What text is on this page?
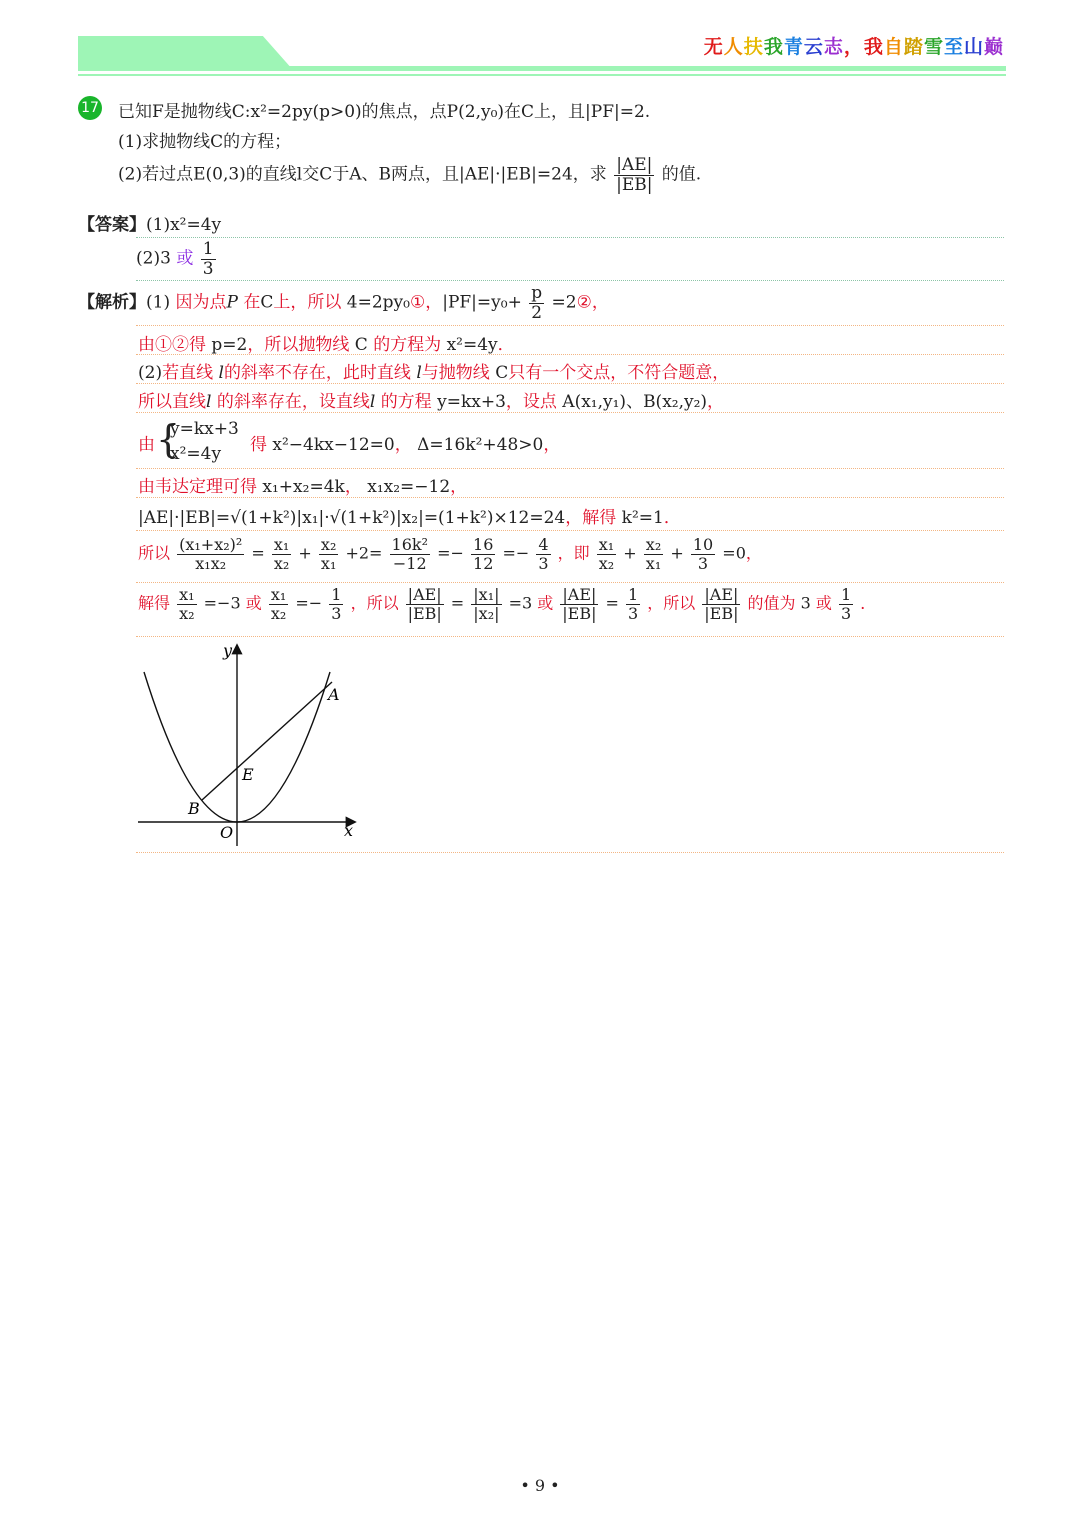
无人扶我青云志，我自踏雪至山巅
17 已知F是抛物线C:x²=2py(p>0)的焦点，点P(2,y₀)在C上，且|PF|=2.
(1)求抛物线C的方程；
(2)若过点E(0,3)的直线l交C于A、B两点，且|AE|·|EB|=24，求 $\frac{|AE|}{|EB|}$ 的值.
【答案】(1)x²=4y
(2)3 或 $\frac{1}{3}$
【解析】(1) 因为点P 在C上，所以 4=2py₀①，$|PF|=y_0+ \frac{p}{2}$ =2②，
由①②得 p=2，所以抛物线 C 的方程为 x²=4y．
(2)若直线 l的斜率不存在，此时直线 l与抛物线 C只有一个交点，不符合题意，
所以直线l 的斜率存在，设直线l 的方程 y=kx+3，设点 A(x₁,y₁)、B(x₂,y₂)，
由 {
y=kx+3
x²=4y 得 x²−4kx−12=0， Δ=16k²+48>0，
由韦达定理可得 x₁+x₂=4k， x₁x₂=−12，
|AE|·|EB|=√(1+k²)|x₁|·√(1+k²)|x₂|=(1+k²)×12=24，解得 k²=1．
所以 $\frac{\text{(x₁+x₂)²}}{\text{x₁x₂}} = \frac{\text{x₁}}{\text{x₂}} + \frac{\text{x₂}}{\text{x₁}} +2= \frac{\text{16k²}}{-12} =- \frac{16}{12} =- \frac{4}{3}$ ，即 $\frac{\text{x₁}}{\text{x₂}} + \frac{\text{x₂}}{\text{x₁}} + \frac{10}{3} =0$，
解得 $\frac{\text{x₁}}{\text{x₂}} =-3$ 或 $\frac{\text{x₁}}{\text{x₂}} =- \frac{1}{3}$ ，所以 $\frac{|AE|}{|EB|} = \frac{\text{|x₁|}}{\text{|x₂|}} =3$ 或 $\frac{|AE|}{|EB|} = \frac{1}{3}$ ，所以 $\frac{|AE|}{|EB|}$ 的值为 3 或 $\frac{1}{3}$ ．
y
x
O
A
B
E
• 9 •
